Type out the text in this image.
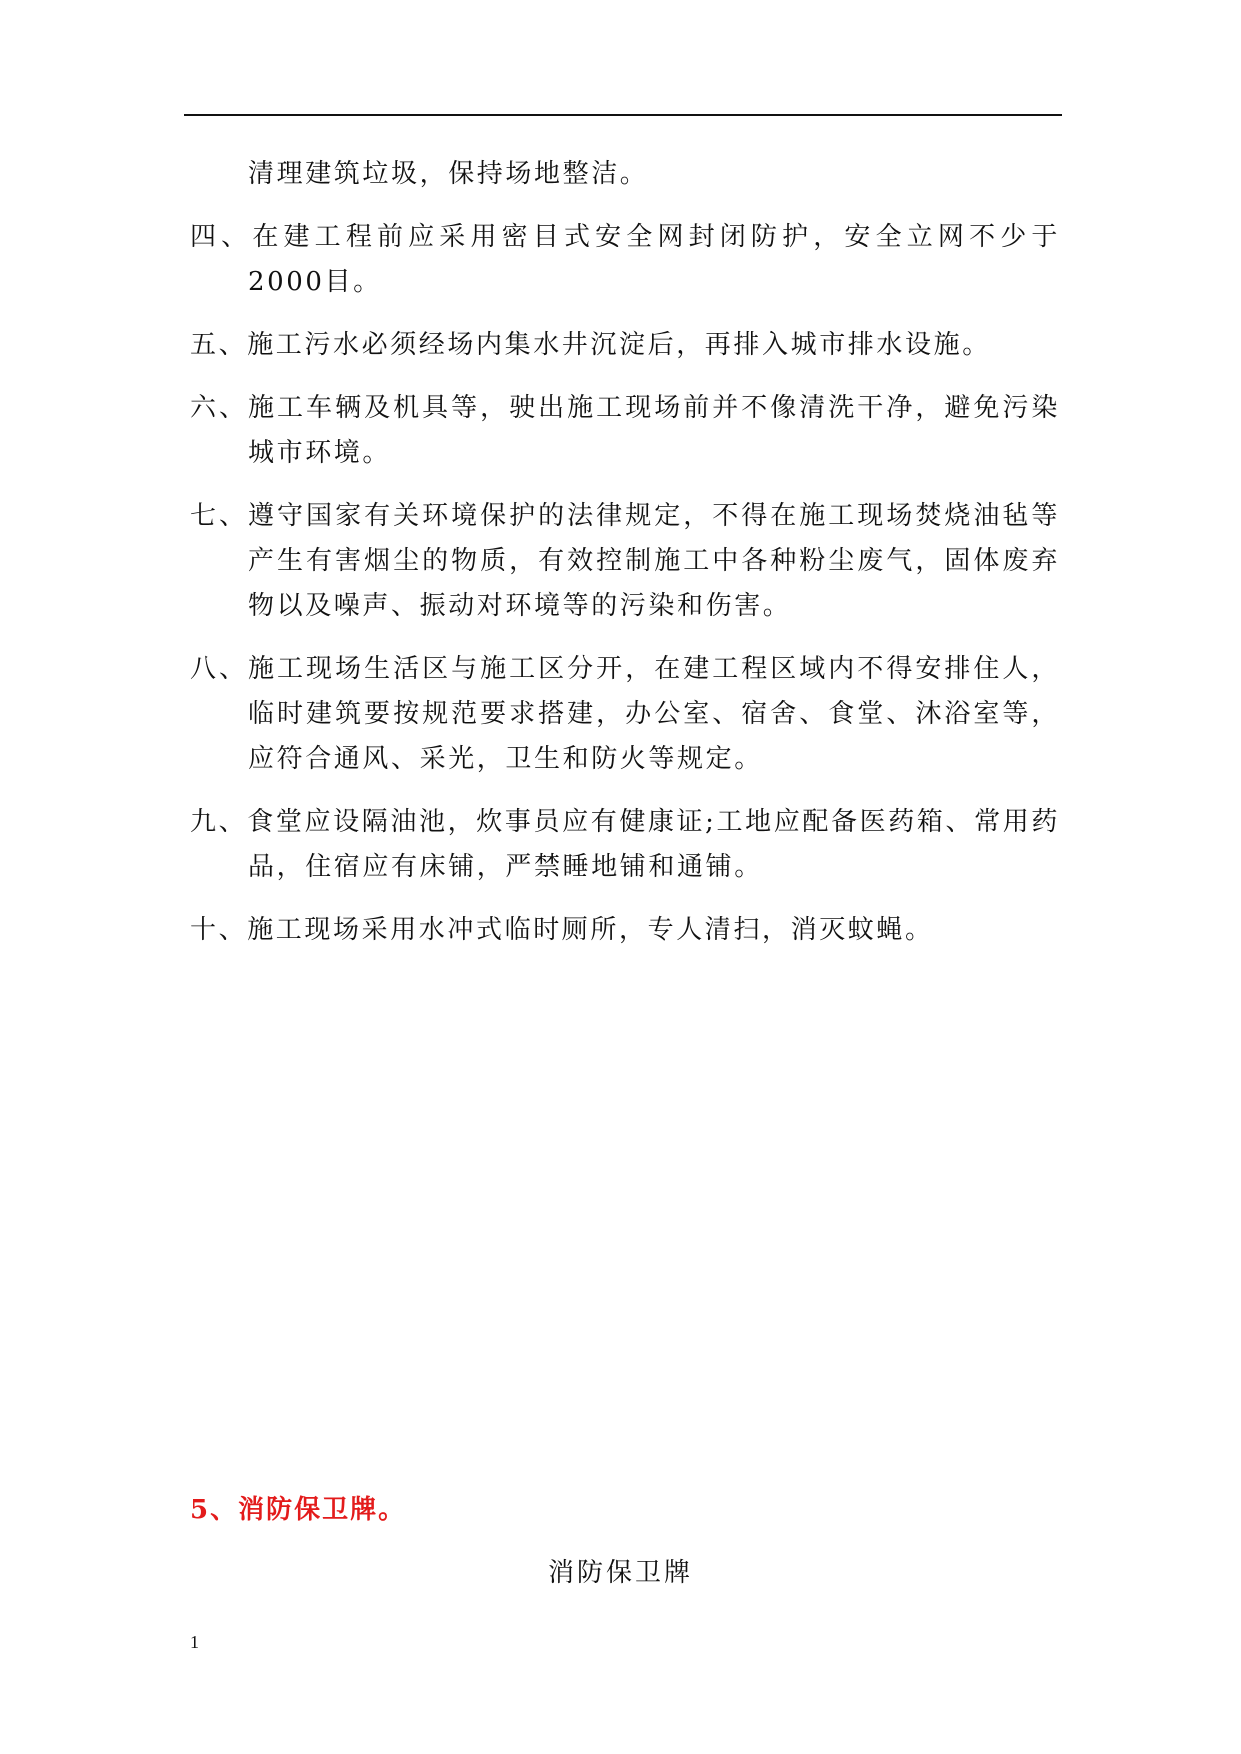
清理建筑垃圾，保持场地整洁。

四、在建工程前应采用密目式安全网封闭防护，安全立网不少于2000目。

五、施工污水必须经场内集水井沉淀后，再排入城市排水设施。

六、施工车辆及机具等，驶出施工现场前并不像清洗干净，避免污染城市环境。

七、遵守国家有关环境保护的法律规定，不得在施工现场焚烧油毡等产生有害烟尘的物质，有效控制施工中各种粉尘废气，固体废弃物以及噪声、振动对环境等的污染和伤害。

八、施工现场生活区与施工区分开，在建工程区域内不得安排住人，临时建筑要按规范要求搭建，办公室、宿舍、食堂、沐浴室等，应符合通风、采光，卫生和防火等规定。

九、食堂应设隔油池，炊事员应有健康证;工地应配备医药箱、常用药品，住宿应有床铺，严禁睡地铺和通铺。

十、施工现场采用水冲式临时厕所，专人清扫，消灭蚊蝇。

5、消防保卫牌。

消防保卫牌

1
